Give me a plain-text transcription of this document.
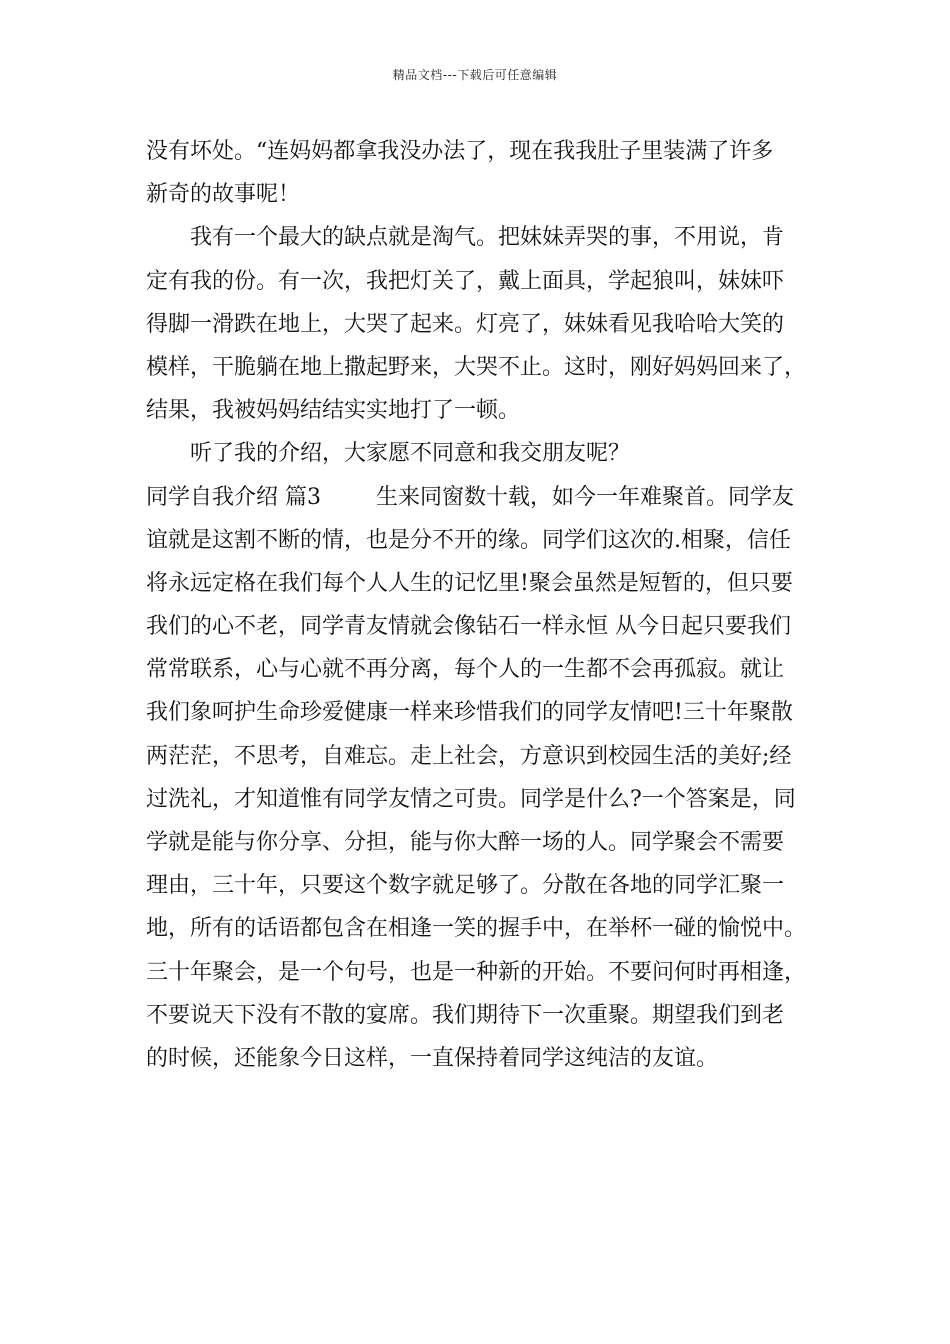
精品文档---下载后可任意编辑
没有坏处。“连妈妈都拿我没办法了，现在我我肚子里装满了许多
新奇的故事呢！
我有一个最大的缺点就是淘气。把妹妹弄哭的事，不用说，肯
定有我的份。有一次，我把灯关了，戴上面具，学起狼叫，妹妹吓
得脚一滑跌在地上，大哭了起来。灯亮了，妹妹看见我哈哈大笑的
模样，干脆躺在地上撒起野来，大哭不止。这时，刚好妈妈回来了，
结果，我被妈妈结结实实地打了一顿。
听了我的介绍，大家愿不同意和我交朋友呢？
同学自我介绍 篇3	生来同窗数十载，如今一年难聚首。同学友
谊就是这割不断的情，也是分不开的缘。同学们这次的.相聚，信任
将永远定格在我们每个人人生的记忆里!聚会虽然是短暂的，但只要
我们的心不老，同学青友情就会像钻石一样永恒 从今日起只要我们
常常联系，心与心就不再分离，每个人的一生都不会再孤寂。就让
我们象呵护生命珍爱健康一样来珍惜我们的同学友情吧!三十年聚散
两茫茫，不思考，自难忘。走上社会，方意识到校园生活的美好;经
过洗礼，才知道惟有同学友情之可贵。同学是什么?一个答案是，同
学就是能与你分享、分担，能与你大醉一场的人。同学聚会不需要
理由，三十年，只要这个数字就足够了。分散在各地的同学汇聚一
地，所有的话语都包含在相逢一笑的握手中，在举杯一碰的愉悦中。
三十年聚会，是一个句号，也是一种新的开始。不要问何时再相逢，
不要说天下没有不散的宴席。我们期待下一次重聚。期望我们到老
的时候，还能象今日这样，一直保持着同学这纯洁的友谊。
